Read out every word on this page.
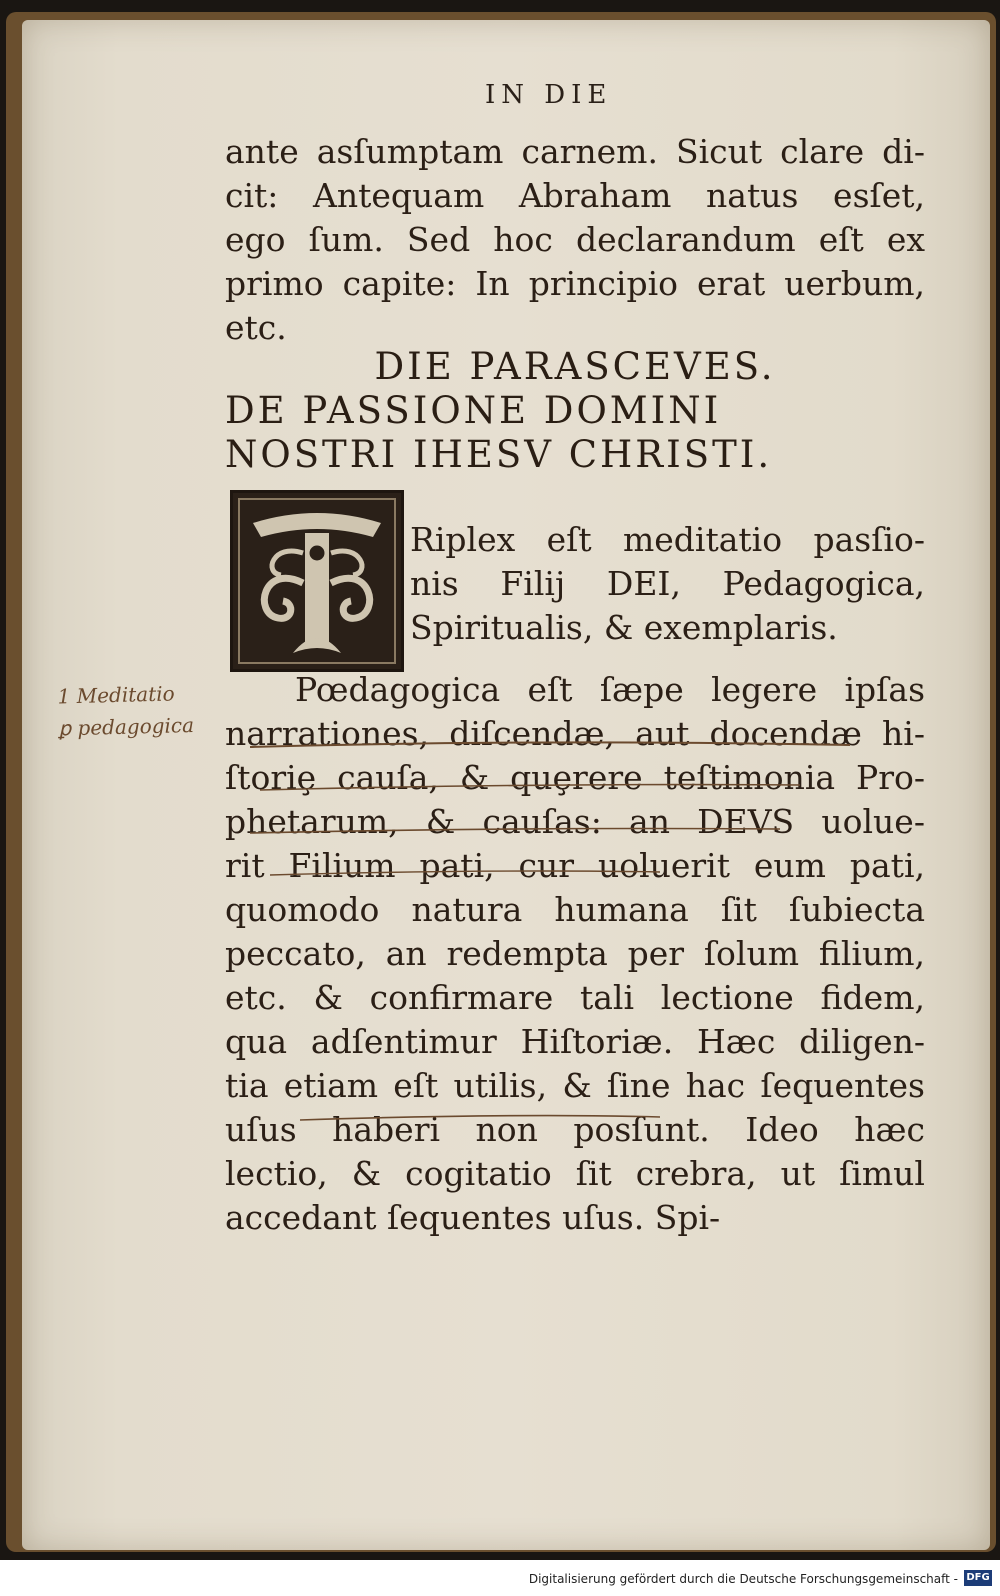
IN DIE
ante asſumptam carnem. Sicut clare di-
cit: Antequam Abraham natus esſet,
ego ſum. Sed hoc declarandum eſt ex
primo capite: In principio erat uerbum,
etc.
DIE PARASCEVES.
DE PASSIONE DOMINI
NOSTRI IHESV CHRISTI.
Riplex eſt meditatio pasſio-
nis Filij DEI, Pedagogica,
Spiritualis, & exemplaris.
1 Meditatio
ꝑ pedagogica
Pœdagogica eſt ſæpe legere ipſas
narrationes, diſcendæ, aut docendæ hi-
ſtoriȩ cauſa, & quȩrere teſtimonia Pro-
phetarum, & cauſas: an DEVS uolue-
rit Filium pati, cur uoluerit eum pati,
quomodo natura humana ſit ſubiecta
peccato, an redempta per ſolum filium,
etc. & confirmare tali lectione fidem,
qua adſentimur Hiſtoriæ. Hæc diligen-
tia etiam eſt utilis, & ſine hac ſequentes
uſus haberi non posſunt. Ideo hæc
lectio, & cogitatio ſit crebra, ut ſimul
accedant ſequentes uſus. Spi-
Digitalisierung gefördert durch die Deutsche Forschungsgemeinschaft - DFG
